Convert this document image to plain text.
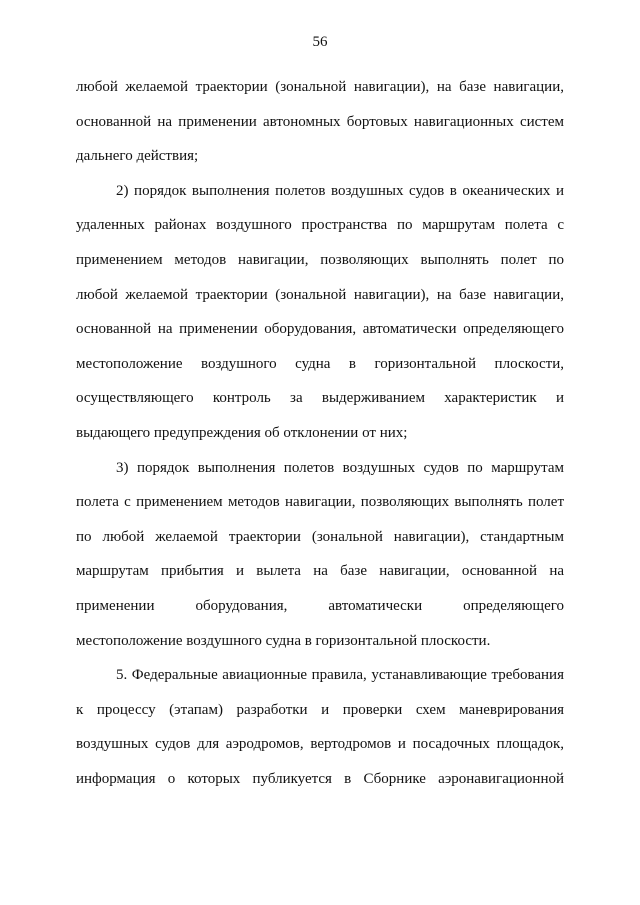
56
любой желаемой траектории (зональной навигации), на базе навигации,
основанной на применении автономных бортовых навигационных систем
дальнего действия;
2) порядок выполнения полетов воздушных судов в океанических и
удаленных районах воздушного пространства по маршрутам полета с
применением методов навигации, позволяющих выполнять полет по
любой желаемой траектории (зональной навигации), на базе навигации,
основанной на применении оборудования, автоматически определяющего
местоположение воздушного судна в горизонтальной плоскости,
осуществляющего контроль за выдерживанием характеристик и
выдающего предупреждения об отклонении от них;
3) порядок выполнения полетов воздушных судов по маршрутам
полета с применением методов навигации, позволяющих выполнять полет
по любой желаемой траектории (зональной навигации), стандартным
маршрутам прибытия и вылета на базе навигации, основанной на
применении оборудования, автоматически определяющего
местоположение воздушного судна в горизонтальной плоскости.
5. Федеральные авиационные правила, устанавливающие требования
к процессу (этапам) разработки и проверки схем маневрирования
воздушных судов для аэродромов, вертодромов и посадочных площадок,
информация о которых публикуется в Сборнике аэронавигационной
